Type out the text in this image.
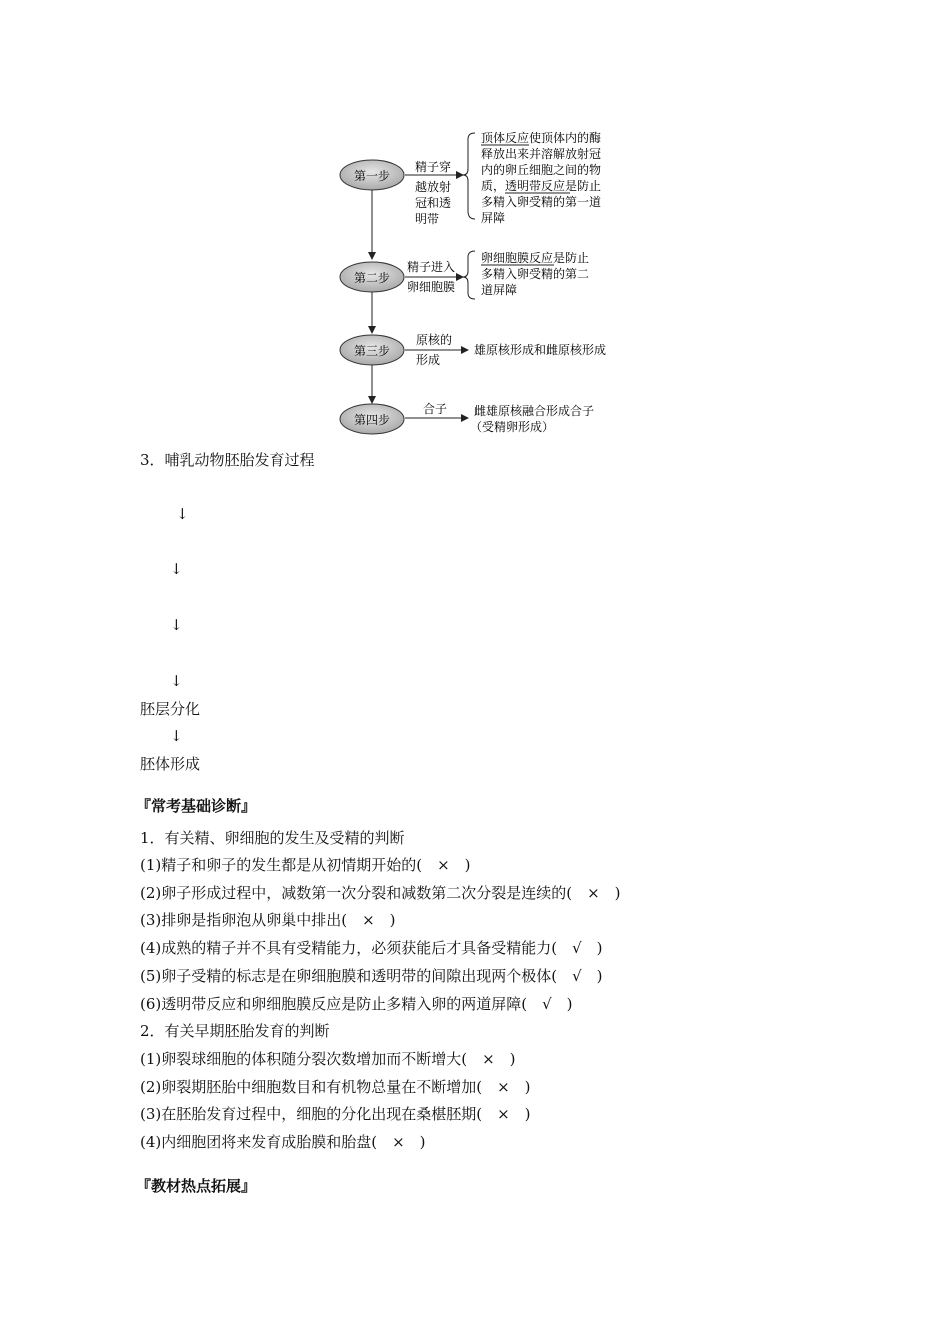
第一步
第二步
第三步
第四步
精子穿
越放射
冠和透
明带
顶体反应使顶体内的酶
释放出来并溶解放射冠
内的卵丘细胞之间的物
质，透明带反应是防止
多精入卵受精的第一道
屏障
精子进入
卵细胞膜
卵细胞膜反应是防止
多精入卵受精的第二
道屏障
原核的
形成
雄原核形成和雌原核形成
合子 雌雄原核融合形成合子
（受精卵形成）
3．哺乳动物胚胎发育过程
↓
↓
↓
↓
胚层分化
↓
胚体形成
『常考基础诊断』
1．有关精、卵细胞的发生及受精的判断
(1)精子和卵子的发生都是从初情期开始的(　×　)
(2)卵子形成过程中，减数第一次分裂和减数第二次分裂是连续的(　×　)
(3)排卵是指卵泡从卵巢中排出(　×　)
(4)成熟的精子并不具有受精能力，必须获能后才具备受精能力(　√　)
(5)卵子受精的标志是在卵细胞膜和透明带的间隙出现两个极体(　√　)
(6)透明带反应和卵细胞膜反应是防止多精入卵的两道屏障(　√　)
2．有关早期胚胎发育的判断
(1)卵裂球细胞的体积随分裂次数增加而不断增大(　×　)
(2)卵裂期胚胎中细胞数目和有机物总量在不断增加(　×　)
(3)在胚胎发育过程中，细胞的分化出现在桑椹胚期(　×　)
(4)内细胞团将来发育成胎膜和胎盘(　×　)
『教材热点拓展』
